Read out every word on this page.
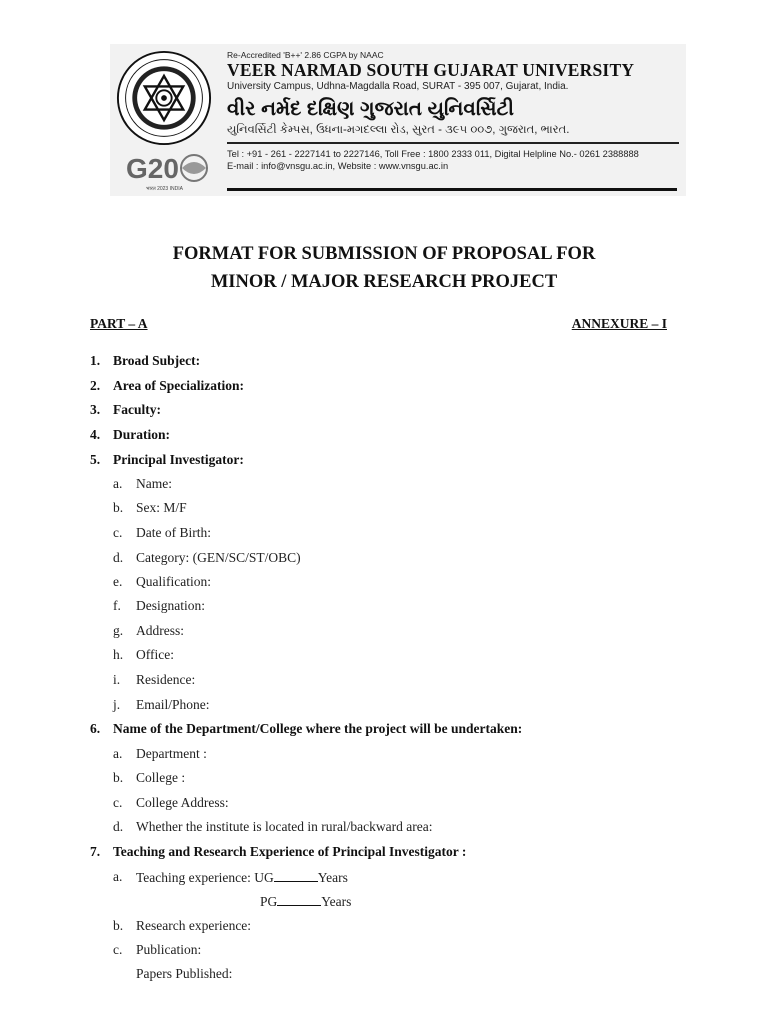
G20
भारत 2023 INDIA
Re-Accredited 'B++' 2.86 CGPA by NAAC
VEER NARMAD SOUTH GUJARAT UNIVERSITY
University Campus, Udhna-Magdalla Road, SURAT - 395 007, Gujarat, India.
વીર નર્મદ દક્ષિણ ગુજરાત યુનિવર્સિટી
યુનિવર્સિટી કેમ્પસ, ઉધના-મગદલ્લા રોડ, સુરત - ૩૯૫ ૦૦૭, ગુજરાત, ભારત.
Tel : +91 - 261 - 2227141 to 2227146, Toll Free : 1800 2333 011, Digital Helpline No.- 0261 2388888
E-mail : info@vnsgu.ac.in, Website : www.vnsgu.ac.in
FORMAT FOR SUBMISSION OF PROPOSAL FOR
MINOR / MAJOR RESEARCH PROJECT
PART – A	ANNEXURE – I
1. Broad Subject:
2. Area of Specialization:
3. Faculty:
4. Duration:
5. Principal Investigator:
a. Name:
b. Sex: M/F
c. Date of Birth:
d. Category: (GEN/SC/ST/OBC)
e. Qualification:
f. Designation:
g. Address:
h. Office:
i. Residence:
j. Email/Phone:
6. Name of the Department/College where the project will be undertaken:
a. Department :
b. College :
c. College Address:
d. Whether the institute is located in rural/backward area:
7. Teaching and Research Experience of Principal Investigator :
a. Teaching experience: UG	Years
PG	Years
b. Research experience:
c. Publication:
Papers Published:
